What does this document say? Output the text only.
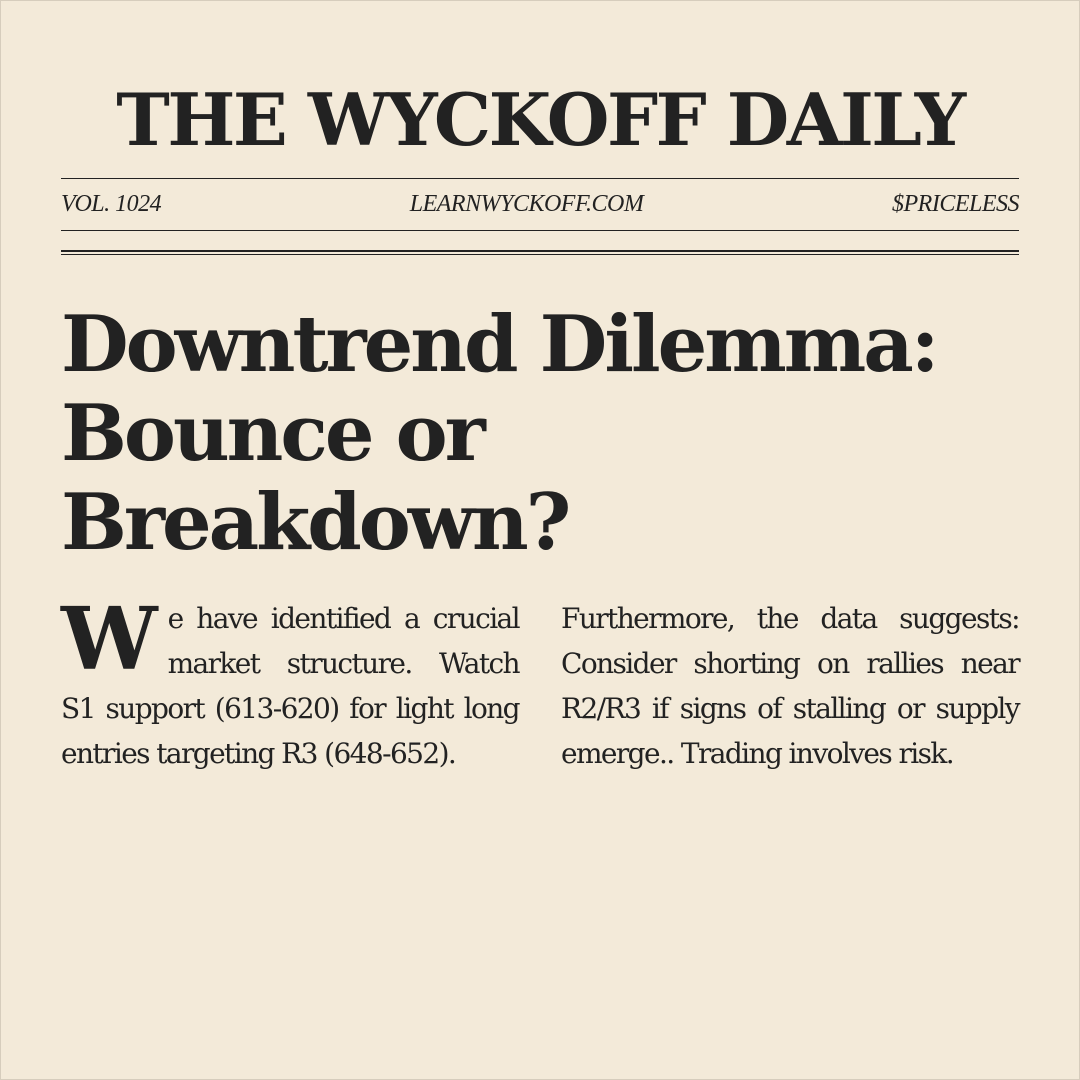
THE WYCKOFF DAILY
VOL. 1024	LEARNWYCKOFF.COM	$PRICELESS
Downtrend Dilemma:
Bounce or
Breakdown?
W e have identified a crucial market structure. Watch S1 support (613-620) for light long entries targeting R3 (648-652).
Furthermore, the data suggests: Consider shorting on rallies near R2/R3 if signs of stalling or supply emerge.. Trading involves risk.
